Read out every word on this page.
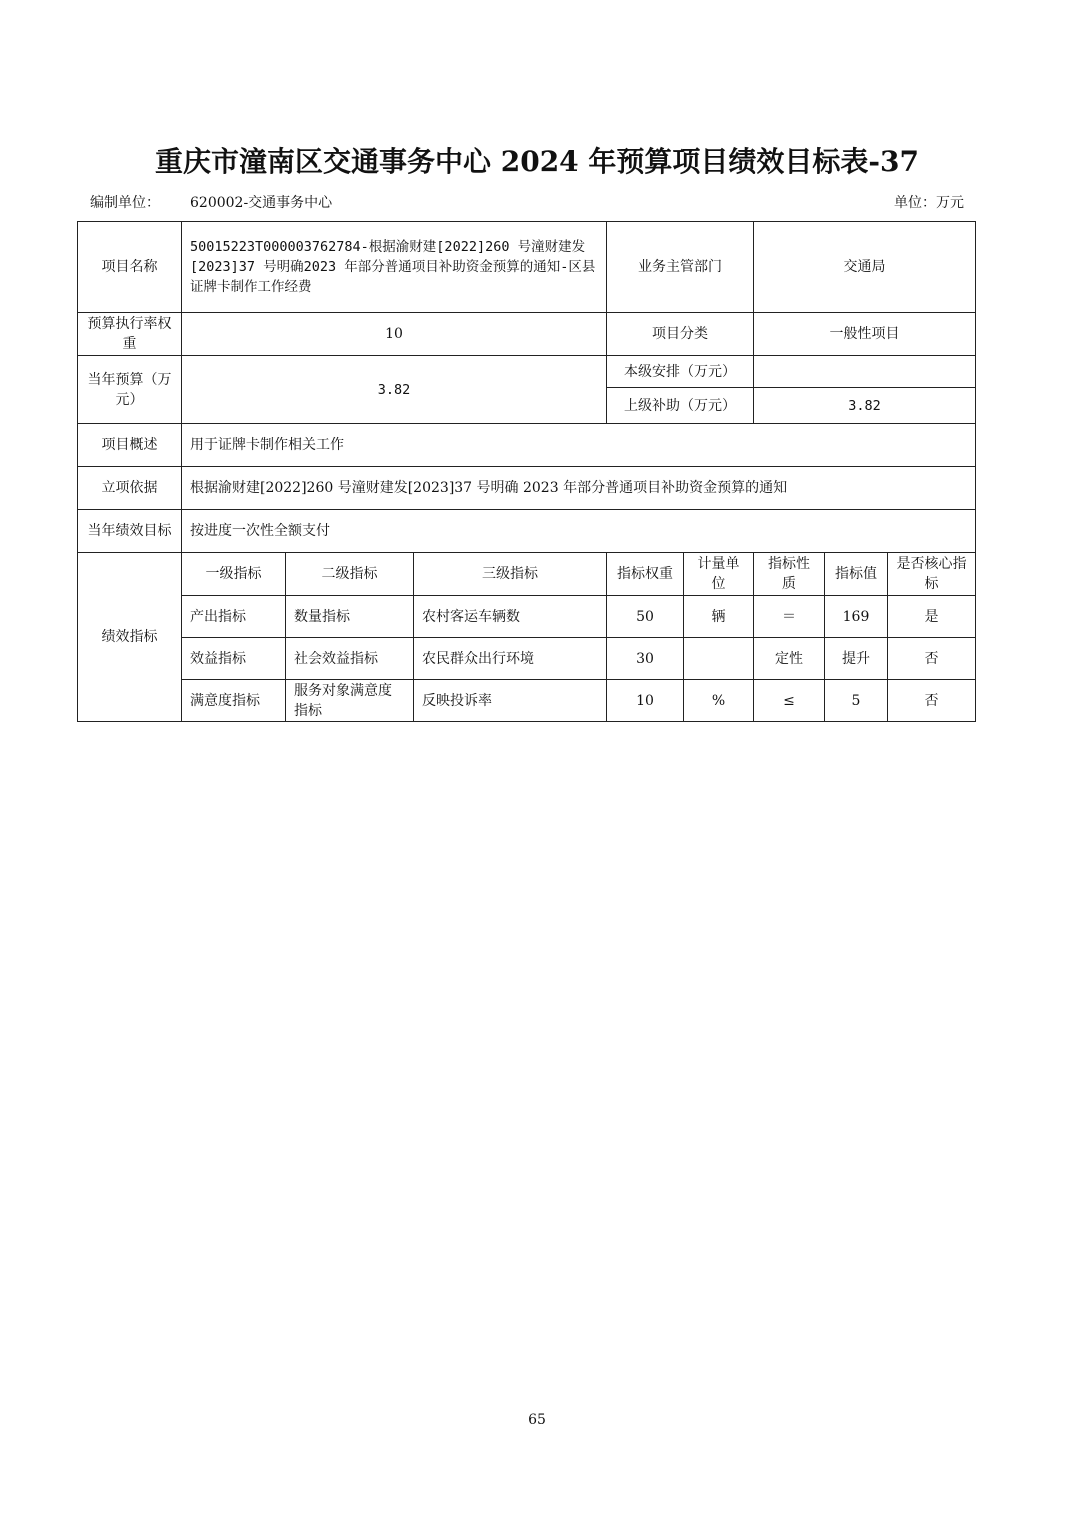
重庆市潼南区交通事务中心 2024 年预算项目绩效目标表-37
编制单位： 620002-交通事务中心	单位：万元
项目名称	50015223T000003762784-根据渝财建[2022]260 号潼财建发[2023]37 号明确2023 年部分普通项目补助资金预算的通知-区县证牌卡制作工作经费			业务主管部门		交通局		
预算执行率权重	10			项目分类		一般性项目		
当年预算（万元）	3.82			本级安排（万元）				
				上级补助（万元）		3.82		
项目概述	用于证牌卡制作相关工作							
立项依据	根据渝财建[2022]260 号潼财建发[2023]37 号明确 2023 年部分普通项目补助资金预算的通知							
当年绩效目标	按进度一次性全额支付							
绩效指标	一级指标	二级指标	三级指标	指标权重	计量单位	指标性质	指标值	是否核心指标
	产出指标	数量指标	农村客运车辆数	50	辆	＝	169	是
	效益指标	社会效益指标	农民群众出行环境	30		定性	提升	否
	满意度指标	服务对象满意度指标	反映投诉率	10	%	≤	5	否
65
